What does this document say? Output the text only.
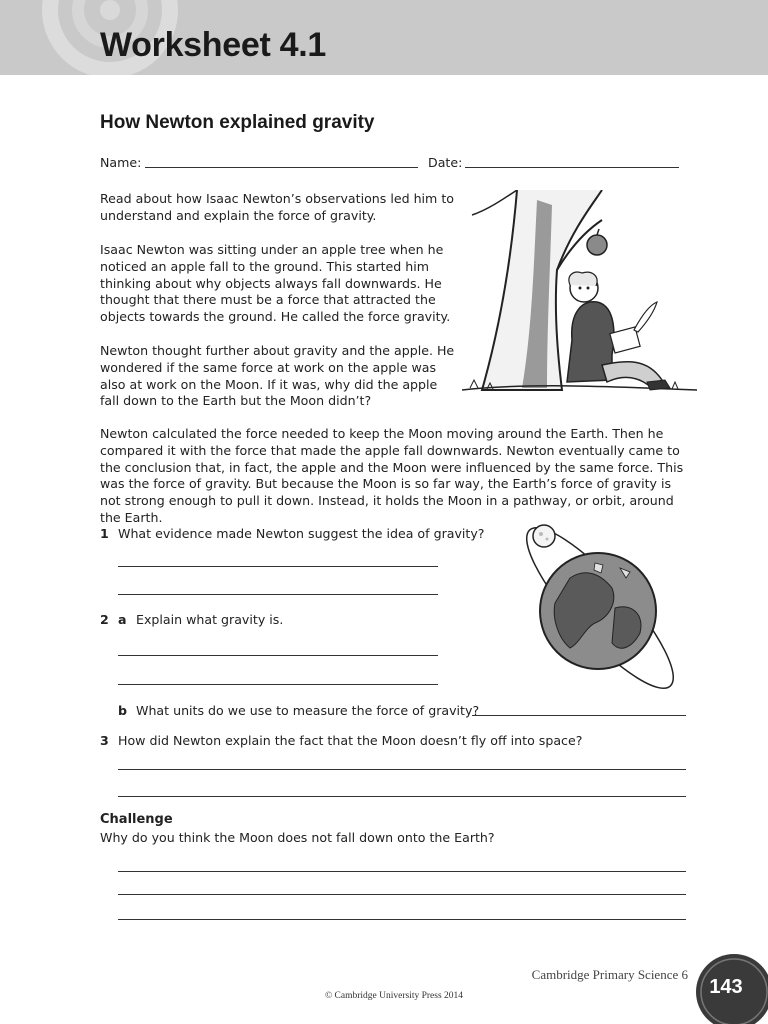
Worksheet 4.1
How Newton explained gravity
Name:	Date:

Read about how Isaac Newton’s observations led him to understand and explain the force of gravity.

Isaac Newton was sitting under an apple tree when he noticed an apple fall to the ground. This started him thinking about why objects always fall downwards. He thought that there must be a force that attracted the objects towards the ground. He called the force gravity.

Newton thought further about gravity and the apple. He wondered if the same force at work on the apple was also at work on the Moon. If it was, why did the apple fall down to the Earth but the Moon didn’t?

Newton calculated the force needed to keep the Moon moving around the Earth. Then he compared it with the force that made the apple fall downwards. Newton eventually came to the conclusion that, in fact, the apple and the Moon were influenced by the same force. This was the force of gravity. But because the Moon is so far way, the Earth’s force of gravity is not strong enough to pull it down. Instead, it holds the Moon in a pathway, or orbit, around the Earth.

1 What evidence made Newton suggest the idea of gravity?
2 a Explain what gravity is.
b What units do we use to measure the force of gravity?
3 How did Newton explain the fact that the Moon doesn’t fly off into space?
Challenge
Why do you think the Moon does not fall down onto the Earth?
Cambridge Primary Science 6
© Cambridge University Press 2014	143
